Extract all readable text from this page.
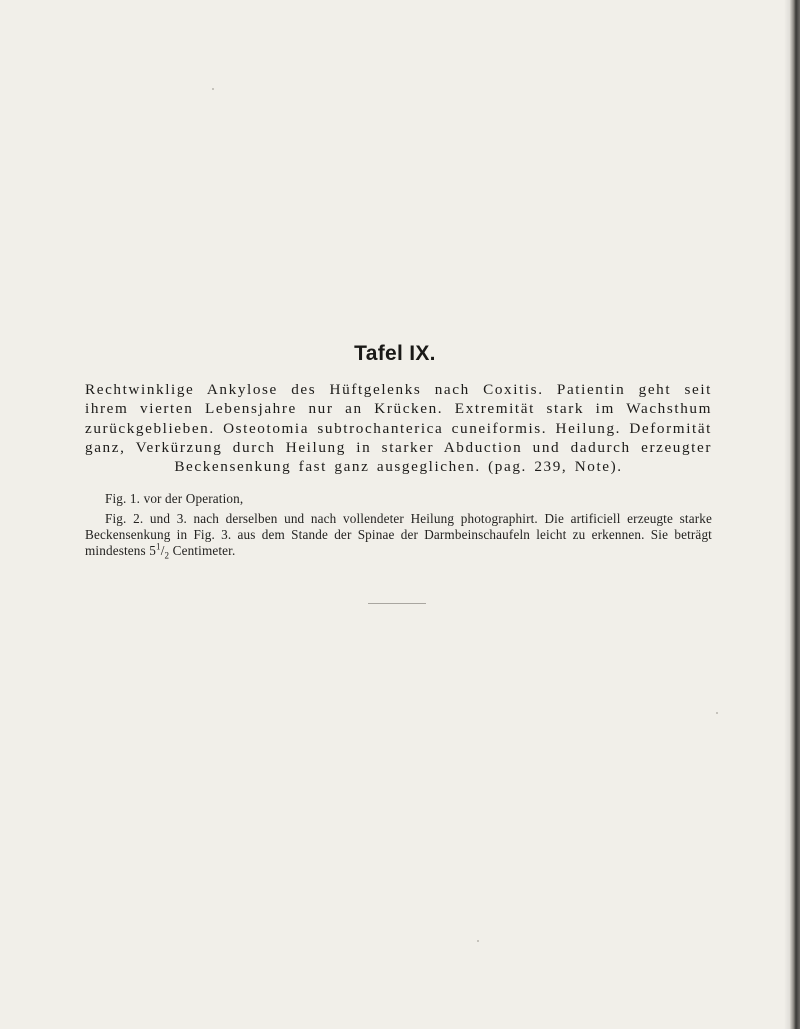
Tafel IX.

Rechtwinklige Ankylose des Hüftgelenks nach Coxitis. Patientin geht seit ihrem vierten Lebensjahre nur an Krücken. Extremität stark im Wachsthum zurückgeblieben. Osteotomia subtrochanterica cuneiformis. Heilung. Deformität ganz, Verkürzung durch Heilung in starker Abduction und dadurch erzeugter Beckensenkung fast ganz ausgeglichen. (pag. 239, Note).

Fig. 1. vor der Operation,

Fig. 2. und 3. nach derselben und nach vollendeter Heilung photographirt. Die artificiell erzeugte starke Beckensenkung in Fig. 3. aus dem Stande der Spinae der Darmbeinschaufeln leicht zu erkennen. Sie beträgt mindestens $5^1/_2$ Centimeter.
